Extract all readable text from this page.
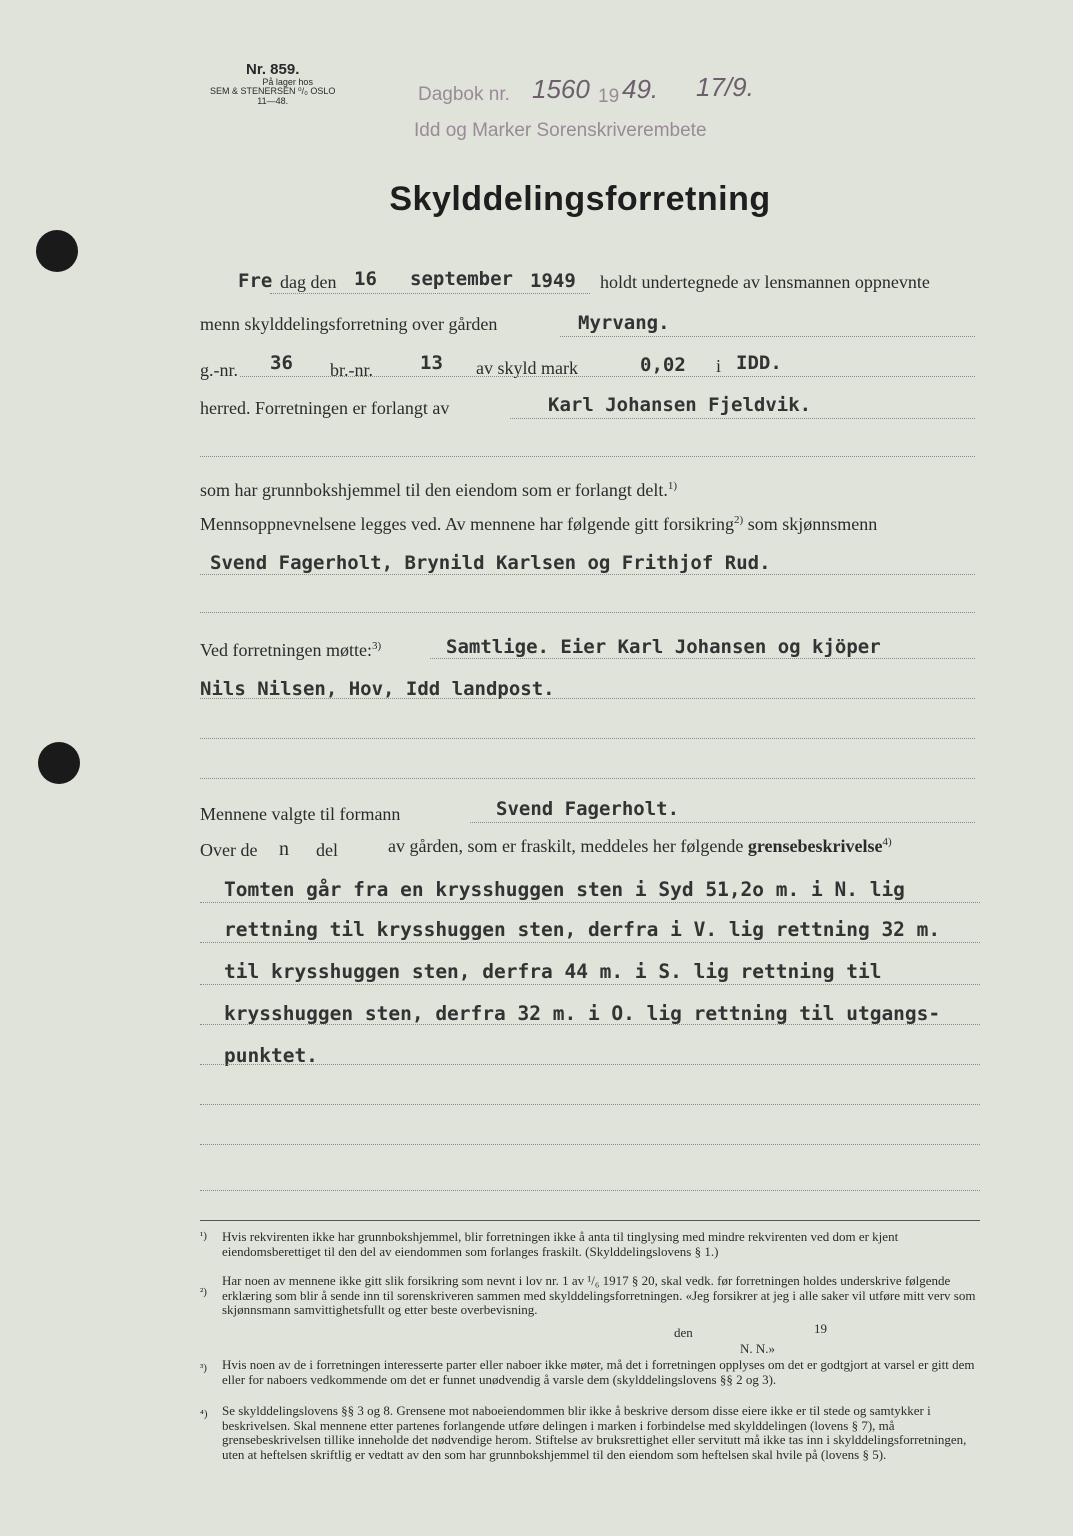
Nr. 859.
På lager hos
SEM & STENERSEN ⁰/₀ OSLO
11—48.	Dagbok nr. 1560 19 49. 17/9.
Idd og Marker Sorenskriverembete
Skylddelingsforretning
Fre dag den 16 september 1949 holdt undertegnede av lensmannen oppnevnte
menn skylddelingsforretning over gården	Myrvang.
g.-nr. 36 br.-nr. 13 av skyld mark	0,02 i IDD.
herred. Forretningen er forlangt av	Karl Johansen Fjeldvik.
som har grunnbokshjemmel til den eiendom som er forlangt delt.$^{1)}$
Mennsoppnevnelsene legges ved. Av mennene har følgende gitt forsikring$^{2)}$ som skjønnsmenn
Svend Fagerholt, Brynild Karlsen og Frithjof Rud.
Ved forretningen møtte:$^{3)}$	Samtlige. Eier Karl Johansen og kjöper
Nils Nilsen, Hov, Idd landpost.
Mennene valgte til formann	Svend Fagerholt.
Over de n del	av gården, som er fraskilt, meddeles her følgende grensebeskrivelse$^{4)}$
Tomten går fra en krysshuggen sten i Syd 51,2o m. i N. lig
rettning til krysshuggen sten, derfra i V. lig rettning 32 m.
til krysshuggen sten, derfra 44 m. i S. lig rettning til
krysshuggen sten, derfra 32 m. i O. lig rettning til utgangs-
punktet.
¹) Hvis rekvirenten ikke har grunnbokshjemmel, blir forretningen ikke å anta til tinglysing med mindre rekvirenten ved dom er kjent eiendomsberettiget til den del av eiendommen som forlanges fraskilt. (Skylddelingslovens § 1.)
²)
Har noen av mennene ikke gitt slik forsikring som nevnt i lov nr. 1 av ¹/₆ 1917 § 20, skal vedk. før forretningen holdes underskrive følgende erklæring som blir å sende inn til sorenskriveren sammen med skylddelingsforretningen. «Jeg forsikrer at jeg i alle saker vil utføre mitt verv som skjønnsmann samvittighetsfullt og etter beste overbevisning.
den	19
N. N.»
³) Hvis noen av de i forretningen interesserte parter eller naboer ikke møter, må det i forretningen opplyses om det er godtgjort at varsel er gitt dem eller for naboers vedkommende om det er funnet unødvendig å varsle dem (skylddelingslovens §§ 2 og 3).
⁴) Se skylddelingslovens §§ 3 og 8. Grensene mot naboeiendommen blir ikke å beskrive dersom disse eiere ikke er til stede og samtykker i beskrivelsen. Skal mennene etter partenes forlangende utføre delingen i marken i forbindelse med skylddelingen (lovens § 7), må grensebeskrivelsen tillike inneholde det nødvendige herom. Stiftelse av bruksrettighet eller servitutt må ikke tas inn i skylddelingsforretningen, uten at heftelsen skriftlig er vedtatt av den som har grunnbokshjemmel til den eiendom som heftelsen skal hvile på (lovens § 5).
